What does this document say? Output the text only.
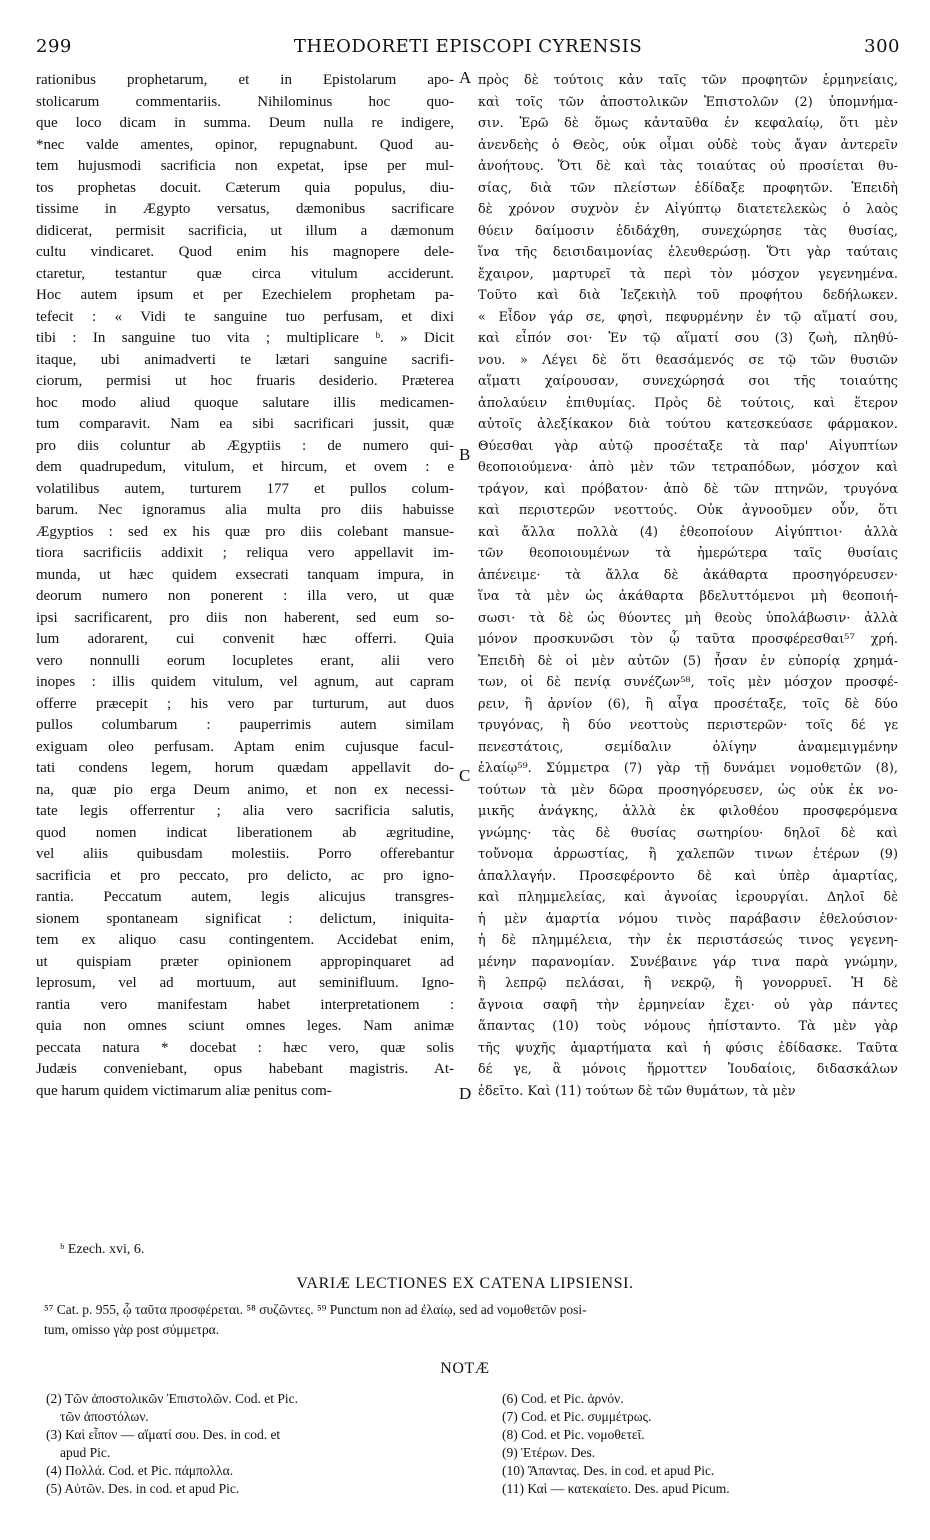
299	THEODORETI EPISCOPI CYRENSIS	300
rationibus prophetarum, et in Epistolarum apo-
stolicarum commentariis. Nihilominus hoc quo-
que loco dicam in summa. Deum nulla re indigere,
*nec valde amentes, opinor, repugnabunt. Quod au-
tem hujusmodi sacrificia non expetat, ipse per mul-
tos prophetas docuit. Cæterum quia populus, diu-
tissime in Ægypto versatus, dæmonibus sacrificare
didicerat, permisit sacrificia, ut illum a dæmonum
cultu vindicaret. Quod enim his magnopere dele-
ctaretur, testantur quæ circa vitulum acciderunt.
Hoc autem ipsum et per Ezechielem prophetam pa-
tefecit : « Vidi te sanguine tuo perfusam, et dixi
tibi : In sanguine tuo vita ; multiplicare ᵇ. » Dicit
itaque, ubi animadverti te lætari sanguine sacrifi-
ciorum, permisi ut hoc fruaris desiderio. Præterea
hoc modo aliud quoque salutare illis medicamen-
tum comparavit. Nam ea sibi sacrificari jussit, quæ
pro diis coluntur ab Ægyptiis : de numero qui-
dem quadrupedum, vitulum, et hircum, et ovem : e
volatilibus autem, turturem 177 et pullos colum-
barum. Nec ignoramus alia multa pro diis habuisse
Ægyptios : sed ex his quæ pro diis colebant mansue-
tiora sacrificiis addixit ; reliqua vero appellavit im-
munda, ut hæc quidem exsecrati tanquam impura, in
deorum numero non ponerent : illa vero, ut quæ
ipsi sacrificarent, pro diis non haberent, sed eum so-
lum adorarent, cui convenit hæc offerri. Quia
vero nonnulli eorum locupletes erant, alii vero
inopes : illis quidem vitulum, vel agnum, aut capram
offerre præcepit ; his vero par turturum, aut duos
pullos columbarum : pauperrimis autem similam
exiguam oleo perfusam. Aptam enim cujusque facul-
tati condens legem, horum quædam appellavit do-
na, quæ pio erga Deum animo, et non ex necessi-
tate legis offerrentur ; alia vero sacrificia salutis,
quod nomen indicat liberationem ab ægritudine,
vel aliis quibusdam molestiis. Porro offerebantur
sacrificia et pro peccato, pro delicto, ac pro igno-
rantia. Peccatum autem, legis alicujus transgres-
sionem spontaneam significat : delictum, iniquita-
tem ex aliquo casu contingentem. Accidebat enim,
ut quispiam præter opinionem appropinquaret ad
leprosum, vel ad mortuum, aut seminifluum. Igno-
rantia vero manifestam habet interpretationem :
quia non omnes sciunt omnes leges. Nam animæ
peccata natura * docebat : hæc vero, quæ solis
Judæis conveniebant, opus habebant magistris. At-
que harum quidem victimarum aliæ penitus com-
πρὸς δὲ τούτοις κἀν ταῖς τῶν προφητῶν ἑρμηνείαις,
καὶ τοῖς τῶν ἀποστολικῶν Ἐπιστολῶν (2) ὑπομνήμα-
σιν. Ἐρῶ δὲ ὅμως κἀνταῦθα ἐν κεφαλαίῳ, ὅτι μὲν
ἀνενδεὴς ὁ Θεὸς, οὐκ οἶμαι οὐδὲ τοὺς ἄγαν ἀντερεῖν
ἀνοήτους. Ὅτι δὲ καὶ τὰς τοιαύτας οὐ προσίεται θυ-
σίας, διὰ τῶν πλείστων ἐδίδαξε προφητῶν. Ἐπειδὴ
δὲ χρόνον συχνὸν ἐν Αἰγύπτῳ διατετελεκὼς ὁ λαὸς
θύειν δαίμοσιν ἐδιδάχθη, συνεχώρησε τὰς θυσίας,
ἵνα τῆς δεισιδαιμονίας ἐλευθερώσῃ. Ὅτι γὰρ ταύταις
ἔχαιρον, μαρτυρεῖ τὰ περὶ τὸν μόσχον γεγενημένα.
Τοῦτο καὶ διὰ Ἰεζεκιὴλ τοῦ προφήτου δεδήλωκεν.
« Εἶδον γάρ σε, φησὶ, πεφυρμένην ἐν τῷ αἵματί σου,
καὶ εἶπόν σοι· Ἐν τῷ αἵματί σου (3) ζωὴ, πληθύ-
νου. » Λέγει δὲ ὅτι θεασάμενός σε τῷ τῶν θυσιῶν
αἵματι χαίρουσαν, συνεχώρησά σοι τῆς τοιαύτης
ἀπολαύειν ἐπιθυμίας. Πρὸς δὲ τούτοις, καὶ ἕτερον
αὐτοῖς ἀλεξίκακον διὰ τούτου κατεσκεύασε φάρμακον.
Θύεσθαι γὰρ αὐτῷ προσέταξε τὰ παρ' Αἰγυπτίων
θεοποιούμενα· ἀπὸ μὲν τῶν τετραπόδων, μόσχον καὶ
τράγον, καὶ πρόβατον· ἀπὸ δὲ τῶν πτηνῶν, τρυγόνα
καὶ περιστερῶν νεοττούς. Οὐκ ἀγνοοῦμεν οὖν, ὅτι
καὶ ἄλλα πολλὰ (4) ἐθεοποίουν Αἰγύπτιοι· ἀλλὰ
τῶν θεοποιουμένων τὰ ἡμερώτερα ταῖς θυσίαις
ἀπένειμε· τὰ ἄλλα δὲ ἀκάθαρτα προσηγόρευσεν·
ἵνα τὰ μὲν ὡς ἀκάθαρτα βδελυττόμενοι μὴ θεοποιή-
σωσι· τὰ δὲ ὡς θύοντες μὴ θεοὺς ὑπολάβωσιν· ἀλλὰ
μόνον προσκυνῶσι τὸν ᾧ ταῦτα προσφέρεσθαι⁵⁷ χρή.
Ἐπειδὴ δὲ οἱ μὲν αὐτῶν (5) ἦσαν ἐν εὐπορίᾳ χρημά-
των, οἱ δὲ πενίᾳ συνέζων⁵⁸, τοῖς μὲν μόσχον προσφέ-
ρειν, ἢ ἀρνίον (6), ἢ αἶγα προσέταξε, τοῖς δὲ δύο
τρυγόνας, ἢ δύο νεοττοὺς περιστερῶν· τοῖς δέ γε
πενεστάτοις, σεμίδαλιν ὀλίγην ἀναμεμιγμένην
ἐλαίῳ⁵⁹. Σύμμετρα (7) γὰρ τῇ δυνάμει νομοθετῶν (8),
τούτων τὰ μὲν δῶρα προσηγόρευσεν, ὡς οὐκ ἐκ νο-
μικῆς ἀνάγκης, ἀλλὰ ἐκ φιλοθέου προσφερόμενα
γνώμης· τὰς δὲ θυσίας σωτηρίου· δηλοῖ δὲ καὶ
τοὔνομα ἀρρωστίας, ἢ χαλεπῶν τινων ἑτέρων (9)
ἀπαλλαγήν. Προσεφέροντο δὲ καὶ ὑπὲρ ἁμαρτίας,
καὶ πλημμελείας, καὶ ἀγνοίας ἱερουργίαι. Δηλοῖ δὲ
ἡ μὲν ἁμαρτία νόμου τινὸς παράβασιν ἐθελούσιον·
ἡ δὲ πλημμέλεια, τὴν ἐκ περιστάσεώς τινος γεγενη-
μένην παρανομίαν. Συνέβαινε γάρ τινα παρὰ γνώμην,
ἢ λεπρῷ πελάσαι, ἢ νεκρῷ, ἢ γονορρυεῖ. Ἡ δὲ
ἄγνοια σαφῆ τὴν ἑρμηνείαν ἔχει· οὐ γὰρ πάντες
ἅπαντας (10) τοὺς νόμους ἠπίσταντο. Τὰ μὲν γὰρ
τῆς ψυχῆς ἁμαρτήματα καὶ ἡ φύσις ἐδίδασκε. Ταῦτα
δέ γε, ἃ μόνοις ἥρμοττεν Ἰουδαίοις, διδασκάλων
ἐδεῖτο. Καὶ (11) τούτων δὲ τῶν θυμάτων, τὰ μὲν
A
B
C
D
ᵇ Ezech. xvi, 6.
VARIÆ LECTIONES EX CATENA LIPSIENSI.
⁵⁷ Cat. p. 955, ᾧ ταῦτα προσφέρεται. ⁵⁸ συζῶντες. ⁵⁹ Punctum non ad ἐλαίῳ, sed ad νομοθετῶν posi-
tum, omisso γὰρ post σύμμετρα.
NOTÆ
(2) Τῶν ἀποστολικῶν Ἐπιστολῶν. Cod. et Pic.
τῶν ἀποστόλων.
(3) Καὶ εἶπον — αἵματί σου. Des. in cod. et
apud Pic.
(4) Πολλά. Cod. et Pic. πάμπολλα.
(5) Αὐτῶν. Des. in cod. et apud Pic.
(6) Cod. et Pic. ἀρνόν.
(7) Cod. et Pic. συμμέτρως.
(8) Cod. et Pic. νομοθετεῖ.
(9) Ἑτέρων. Des.
(10) Ἅπαντας. Des. in cod. et apud Pic.
(11) Καὶ — κατεκαίετο. Des. apud Picum.
